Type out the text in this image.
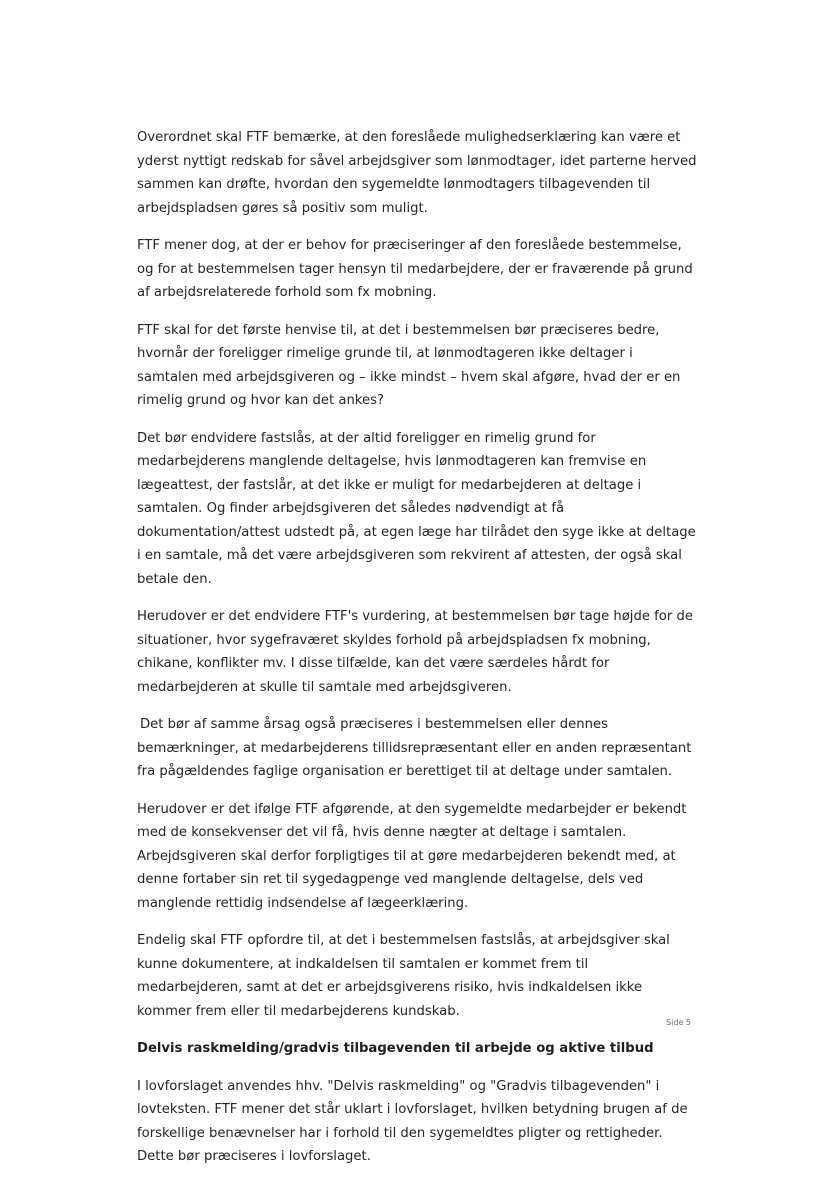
Overordnet skal FTF bemærke, at den foreslåede mulighedserklæring kan være et yderst nyttigt redskab for såvel arbejdsgiver som lønmodtager, idet parterne herved sammen kan drøfte, hvordan den sygemeldte lønmodtagers tilbagevenden til arbejdspladsen gøres så positiv som muligt.

FTF mener dog, at der er behov for præciseringer af den foreslåede bestemmelse, og for at bestemmelsen tager hensyn til medarbejdere, der er fraværende på grund af arbejdsrelaterede forhold som fx mobning.

FTF skal for det første henvise til, at det i bestemmelsen bør præciseres bedre, hvornår der foreligger rimelige grunde til, at lønmodtageren ikke deltager i samtalen med arbejdsgiveren og – ikke mindst – hvem skal afgøre, hvad der er en rimelig grund og hvor kan det ankes?

Det bør endvidere fastslås, at der altid foreligger en rimelig grund for medarbejderens manglende deltagelse, hvis lønmodtageren kan fremvise en lægeattest, der fastslår, at det ikke er muligt for medarbejderen at deltage i samtalen. Og finder arbejdsgiveren det således nødvendigt at få dokumentation/attest udstedt på, at egen læge har tilrådet den syge ikke at deltage i en samtale, må det være arbejdsgiveren som rekvirent af attesten, der også skal betale den.

Herudover er det endvidere FTF's vurdering, at bestemmelsen bør tage højde for de situationer, hvor sygefraværet skyldes forhold på arbejdspladsen fx mobning, chikane, konflikter mv. I disse tilfælde, kan det være særdeles hårdt for medarbejderen at skulle til samtale med arbejdsgiveren.

Det bør af samme årsag også præciseres i bestemmelsen eller dennes bemærkninger, at medarbejderens tillidsrepræsentant eller en anden repræsentant fra pågældendes faglige organisation er berettiget til at deltage under samtalen.

Herudover er det ifølge FTF afgørende, at den sygemeldte medarbejder er bekendt med de konsekvenser det vil få, hvis denne nægter at deltage i samtalen. Arbejdsgiveren skal derfor forpligtiges til at gøre medarbejderen bekendt med, at denne fortaber sin ret til sygedagpenge ved manglende deltagelse, dels ved manglende rettidig indsendelse af lægeerklæring.

Endelig skal FTF opfordre til, at det i bestemmelsen fastslås, at arbejdsgiver skal kunne dokumentere, at indkaldelsen til samtalen er kommet frem til medarbejderen, samt at det er arbejdsgiverens risiko, hvis indkaldelsen ikke kommer frem eller til medarbejderens kundskab.

Delvis raskmelding/gradvis tilbagevenden til arbejde og aktive tilbud

I lovforslaget anvendes hhv. "Delvis raskmelding" og "Gradvis tilbagevenden" i lovteksten. FTF mener det står uklart i lovforslaget, hvilken betydning brugen af de forskellige benævnelser har i forhold til den sygemeldtes pligter og rettigheder. Dette bør præciseres i lovforslaget.

Side 5
